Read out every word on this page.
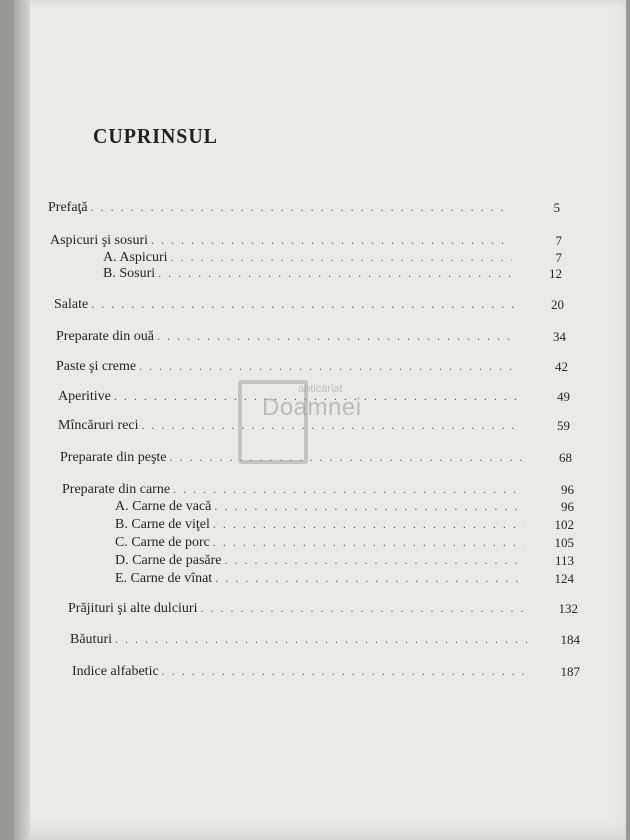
CUPRINSUL
Prefaţă . . .	5
Aspicuri şi sosuri . . .	7
A. Aspicuri . . .	7
B. Sosuri . . .	12
Salate . . .	20
Preparate din ouă . . .	34
Paste şi creme . . .	42
Aperitive . . .	49
Mîncăruri reci . . .	59
Preparate din peşte . . .	68
Preparate din carne . . .	96
A. Carne de vacă . . .	96
B. Carne de viţel . . .	102
C. Carne de porc . . .	105
D. Carne de pasăre . . .	113
E. Carne de vînat . . .	124
Prăjituri şi alte dulciuri . . .	132
Băuturi . . .	184
Indice alfabetic . . .	187
anticariat
Doamnei
